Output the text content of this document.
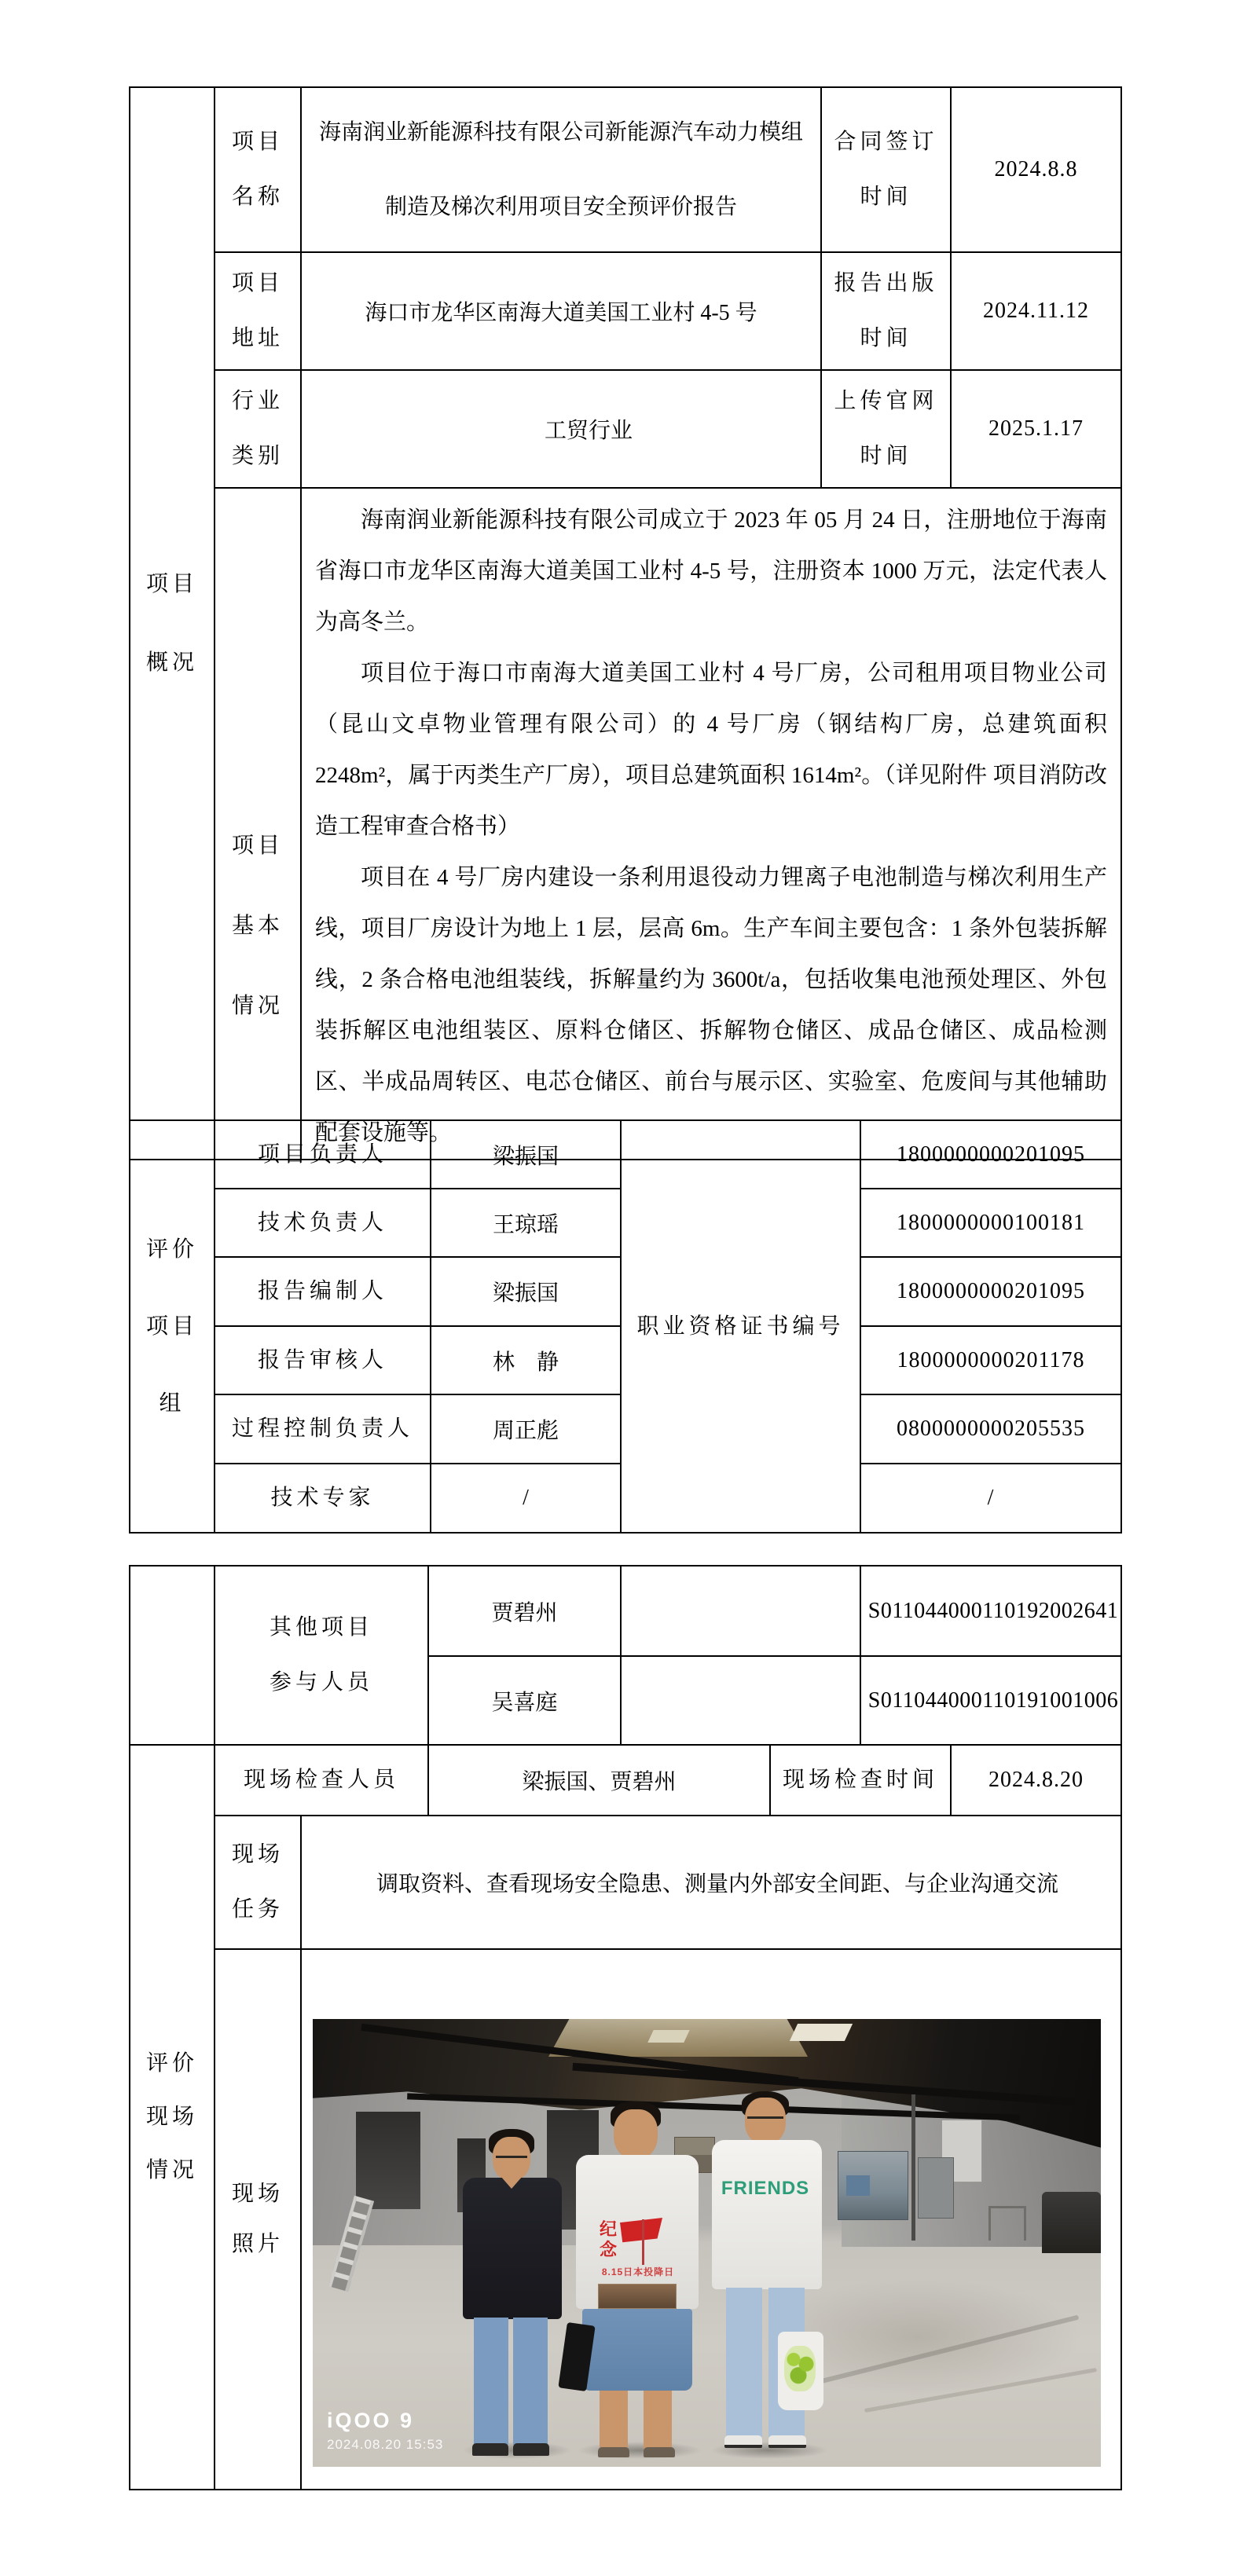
项目概况	项目名称	海南润业新能源科技有限公司新能源汽车动力模组制造及梯次利用项目安全预评价报告	合同签订时间	2024.8.8
	项目地址	海口市龙华区南海大道美国工业村 4-5 号	报告出版时间	2024.11.12
	行业类别	工贸行业	上传官网时间	2025.1.17
	项目基本情况	海南润业新能源科技有限公司成立于 2023 年 05 月 24 日，注册地位于海南省海口市龙华区南海大道美国工业村 4-5 号，注册资本 1000 万元，法定代表人为高冬兰。

项目位于海口市南海大道美国工业村 4 号厂房，公司租用项目物业公司（昆山文卓物业管理有限公司）的 4 号厂房（钢结构厂房，总建筑面积 2248m²，属于丙类生产厂房），项目总建筑面积 1614m²。（详见附件 项目消防改造工程审查合格书）

项目在 4 号厂房内建设一条利用退役动力锂离子电池制造与梯次利用生产线，项目厂房设计为地上 1 层，层高 6m。生产车间主要包含：1 条外包装拆解线，2 条合格电池组装线，拆解量约为 3600t/a，包括收集电池预处理区、外包装拆解区电池组装区、原料仓储区、拆解物仓储区、成品仓储区、成品检测区、半成品周转区、电芯仓储区、前台与展示区、实验室、危废间与其他辅助配套设施等。		

评价项目组	项目负责人	梁振国	职业资格证书编号	1800000000201095
	技术负责人	王琼瑶		1800000000100181
	报告编制人	梁振国		1800000000201095
	报告审核人	林　静		1800000000201178
	过程控制负责人	周正彪		0800000000205535
	技术专家	/		/
	其他项目参与人员		贾碧州			S011044000110192002641	
			吴喜庭			S011044000110191001006	
评价现场情况	现场检查人员		梁振国、贾碧州		现场检查时间		2024.8.20
	现场任务	调取资料、查看现场安全隐患、测量内外部安全间距、与企业沟通交流					
	现场照片	纪念
8.15日本投降日
FRIENDS
iQOO 9
2024.08.20 15:53					
